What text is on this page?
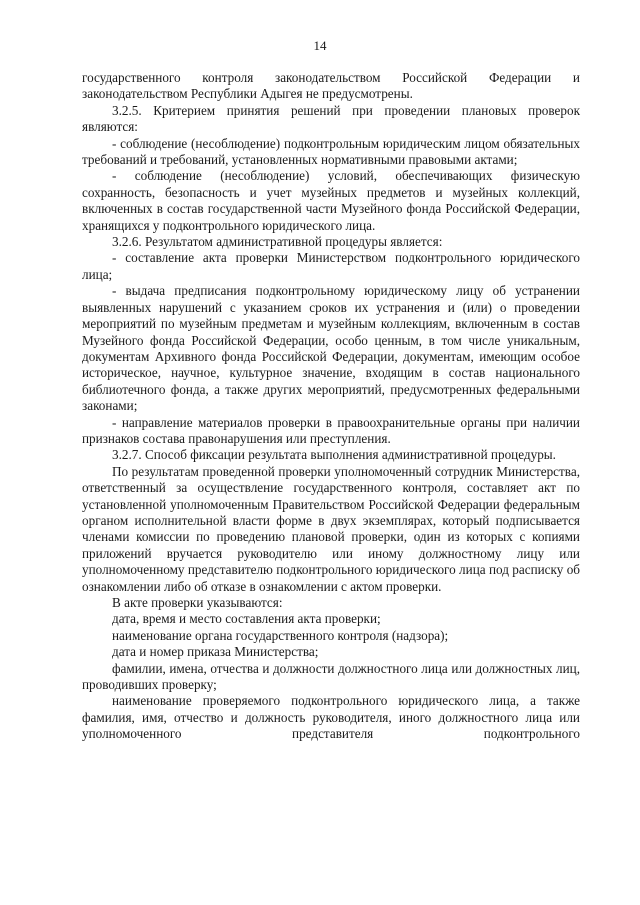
14

государственного контроля законодательством Российской Федерации и законодательством Республики Адыгея не предусмотрены.

3.2.5. Критерием принятия решений при проведении плановых проверок являются:

- соблюдение (несоблюдение) подконтрольным юридическим лицом обязательных требований и требований, установленных нормативными правовыми актами;

- соблюдение (несоблюдение) условий, обеспечивающих физическую сохранность, безопасность и учет музейных предметов и музейных коллекций, включенных в состав государственной части Музейного фонда Российской Федерации, хранящихся у подконтрольного юридического лица.

3.2.6. Результатом административной процедуры является:

- составление акта проверки Министерством подконтрольного юридического лица;

- выдача предписания подконтрольному юридическому лицу об устранении выявленных нарушений с указанием сроков их устранения и (или) о проведении мероприятий по музейным предметам и музейным коллекциям, включенным в состав Музейного фонда Российской Федерации, особо ценным, в том числе уникальным, документам Архивного фонда Российской Федерации, документам, имеющим особое историческое, научное, культурное значение, входящим в состав национального библиотечного фонда, а также других мероприятий, предусмотренных федеральными законами;

- направление материалов проверки в правоохранительные органы при наличии признаков состава правонарушения или преступления.

3.2.7. Способ фиксации результата выполнения административной процедуры.

По результатам проведенной проверки уполномоченный сотрудник Министерства, ответственный за осуществление государственного контроля, составляет акт по установленной уполномоченным Правительством Российской Федерации федеральным органом исполнительной власти форме в двух экземплярах, который подписывается членами комиссии по проведению плановой проверки, один из которых с копиями приложений вручается руководителю или иному должностному лицу или уполномоченному представителю подконтрольного юридического лица под расписку об ознакомлении либо об отказе в ознакомлении с актом проверки.

В акте проверки указываются:

дата, время и место составления акта проверки;

наименование органа государственного контроля (надзора);

дата и номер приказа Министерства;

фамилии, имена, отчества и должности должностного лица или должностных лиц, проводивших проверку;

наименование проверяемого подконтрольного юридического лица, а также фамилия, имя, отчество и должность руководителя, иного должностного лица или уполномоченного представителя подконтрольного
